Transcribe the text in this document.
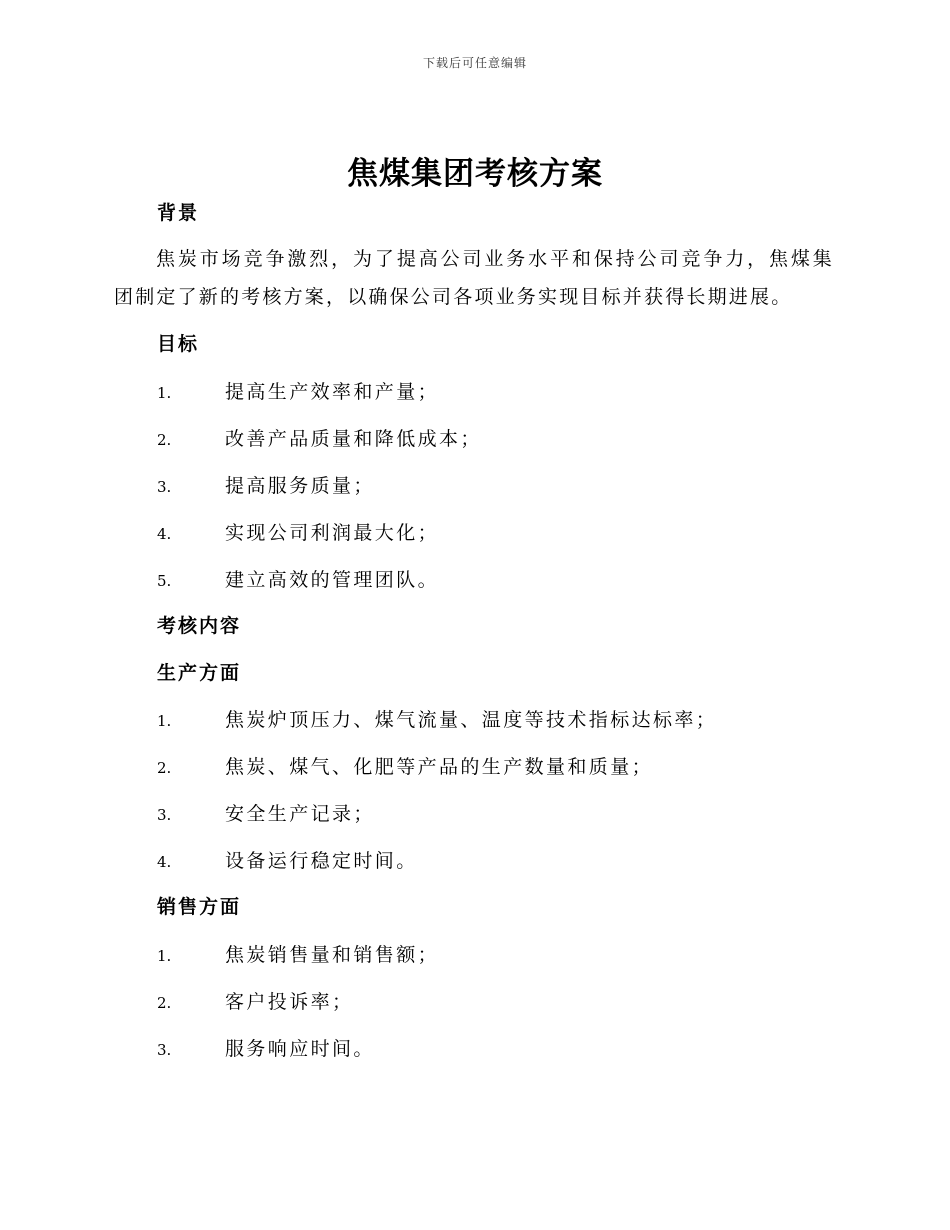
下载后可任意编辑
焦煤集团考核方案
背景
焦炭市场竞争激烈，为了提高公司业务水平和保持公司竞争力，焦煤集团制定了新的考核方案，以确保公司各项业务实现目标并获得长期进展。
目标
1.	提高生产效率和产量；
2.	改善产品质量和降低成本；
3.	提高服务质量；
4.	实现公司利润最大化；
5.	建立高效的管理团队。
考核内容
生产方面
1.	焦炭炉顶压力、煤气流量、温度等技术指标达标率；
2.	焦炭、煤气、化肥等产品的生产数量和质量；
3.	安全生产记录；
4.	设备运行稳定时间。
销售方面
1.	焦炭销售量和销售额；
2.	客户投诉率；
3.	服务响应时间。
